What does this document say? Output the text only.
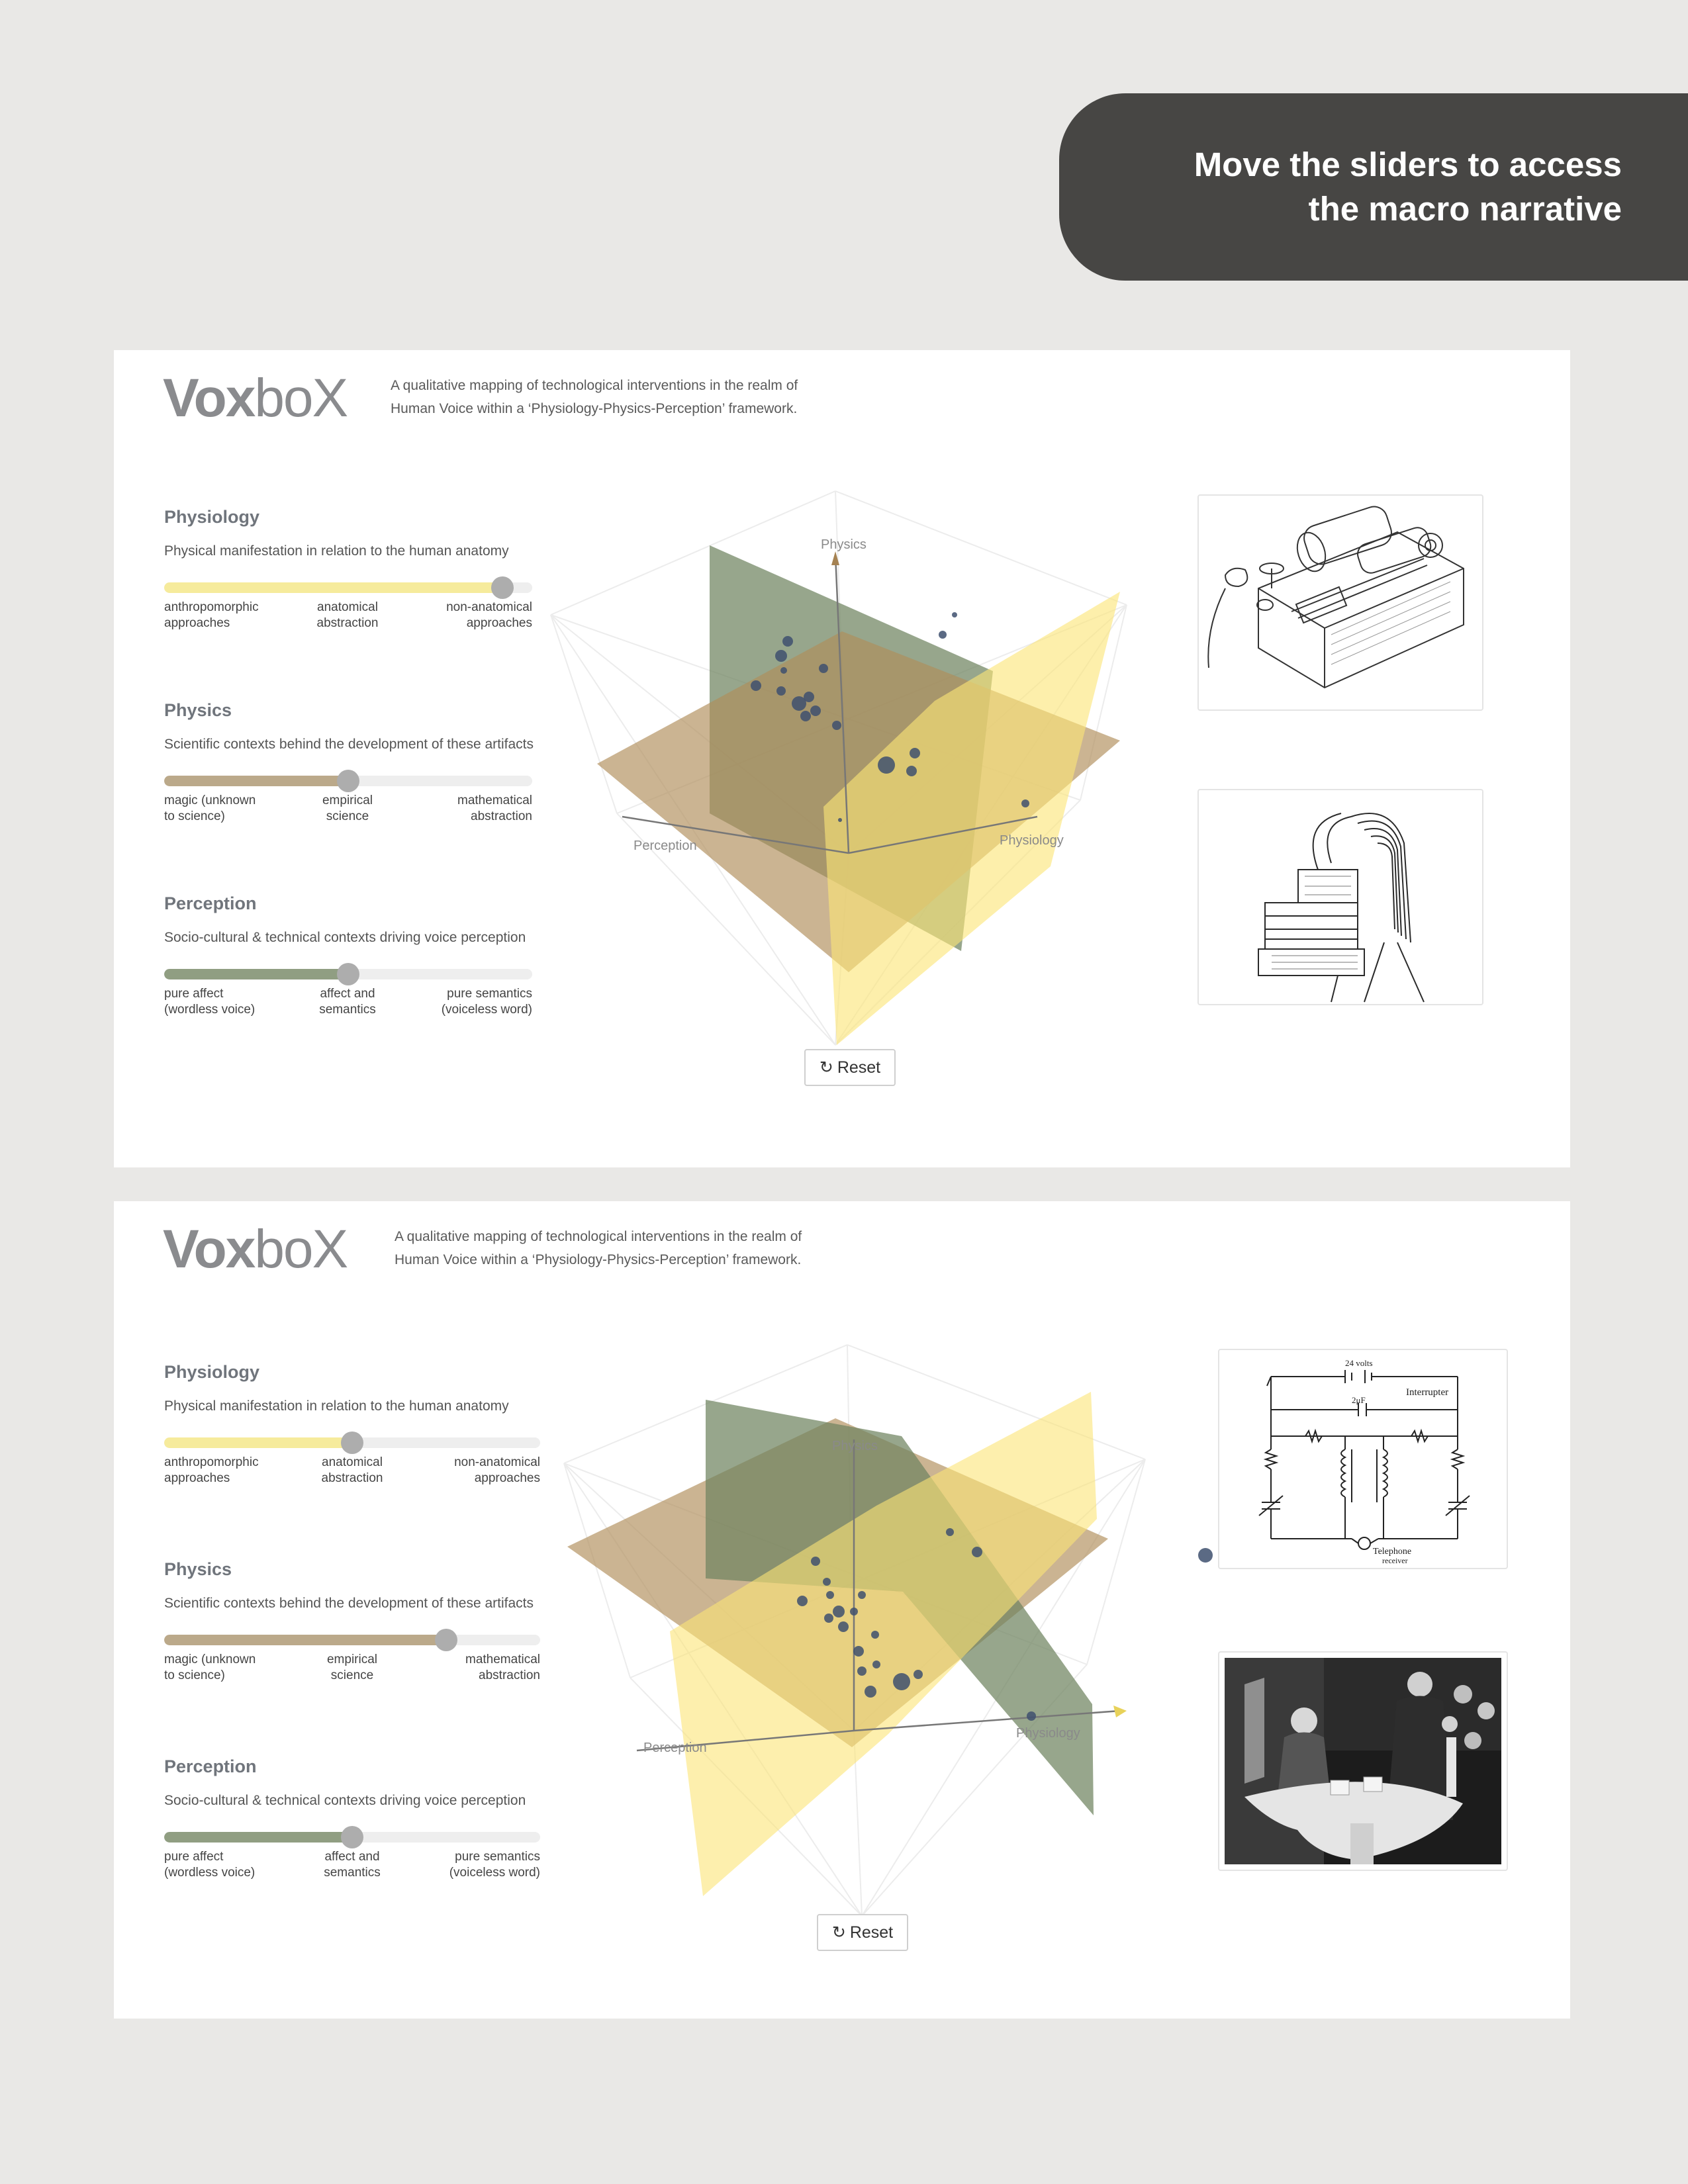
Move the sliders to access
the macro narrative
VoxboX	A qualitative mapping of technological interventions in the realm of
Human Voice within a ‘Physiology-Physics-Perception’ framework.
Physiology
Physical manifestation in relation to the human anatomy
anthropomorphic
approaches
anatomical
abstraction
non-anatomical
approaches
Physics
Scientific contexts behind the development of these artifacts
magic (unknown
to science)
empirical
science
mathematical
abstraction
Perception
Socio-cultural & technical contexts driving voice perception
pure affect
(wordless voice)
affect and
semantics
pure semantics
(voiceless word)
Physics
Perception	Physiology
↻ Reset
VoxboX	A qualitative mapping of technological interventions in the realm of
Human Voice within a ‘Physiology-Physics-Perception’ framework.
Physiology
Physical manifestation in relation to the human anatomy
anthropomorphic
approaches
anatomical
abstraction
non-anatomical
approaches
Physics
Scientific contexts behind the development of these artifacts
magic (unknown
to science)
empirical
science
mathematical
abstraction
Perception
Socio-cultural & technical contexts driving voice perception
pure affect
(wordless voice)
affect and
semantics
pure semantics
(voiceless word)
Physics
Perception
Physiology
↻ Reset
24 volts
Interrupter
2μF
Telephone
receiver
